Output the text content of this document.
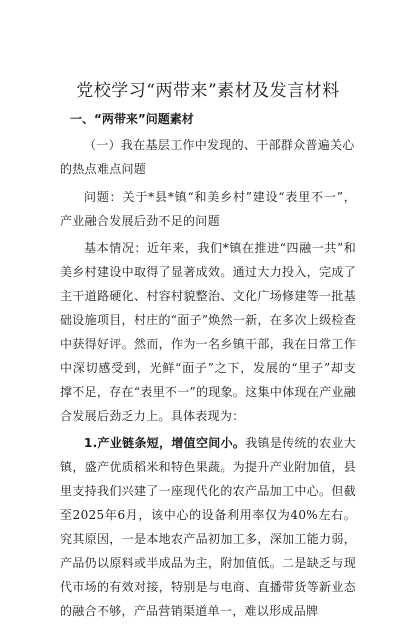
党校学习“两带来”素材及发言材料
一、“两带来”问题素材
（一）我在基层工作中发现的、干部群众普遍关心的热点难点问题

问题：关于*县*镇“和美乡村”建设“表里不一”，产业融合发展后劲不足的问题

基本情况：近年来，我们*镇在推进“四融一共”和美乡村建设中取得了显著成效。通过大力投入，完成了主干道路硬化、村容村貌整治、文化广场修建等一批基础设施项目，村庄的“面子”焕然一新，在多次上级检查中获得好评。然而，作为一名乡镇干部，我在日常工作中深切感受到，光鲜“面子”之下，发展的“里子”却支撑不足，存在“表里不一”的现象。这集中体现在产业融合发展后劲乏力上。具体表现为：

1.产业链条短，增值空间小。我镇是传统的农业大镇，盛产优质稻米和特色果蔬。为提升产业附加值，县里支持我们兴建了一座现代化的农产品加工中心。但截至2025年6月，该中心的设备利用率仅为40%左右。究其原因，一是本地农产品初加工多，深加工能力弱，产品仍以原料或半成品为主，附加值低。二是缺乏与现代市场的有效对接，特别是与电商、直播带货等新业态的融合不够，产品营销渠道单一，难以形成品牌
